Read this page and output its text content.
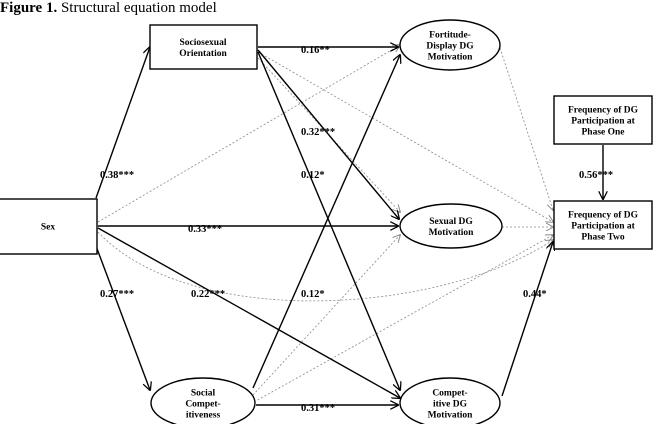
Figure 1. Structural equation model
Sex
Sociosexual Orientation
Frequency of DG Participation at Phase One
Frequency of DG Participation at Phase Two
Fortitude-Display DG Motivation
Sexual DG Motivation
Social Compet-itiveness
Compet-itive DG Motivation
0.38***
0.27***
0.33***
0.22***
0.16**
0.32***
0.12*
0.12*
0.31***
0.44*
0.56***
